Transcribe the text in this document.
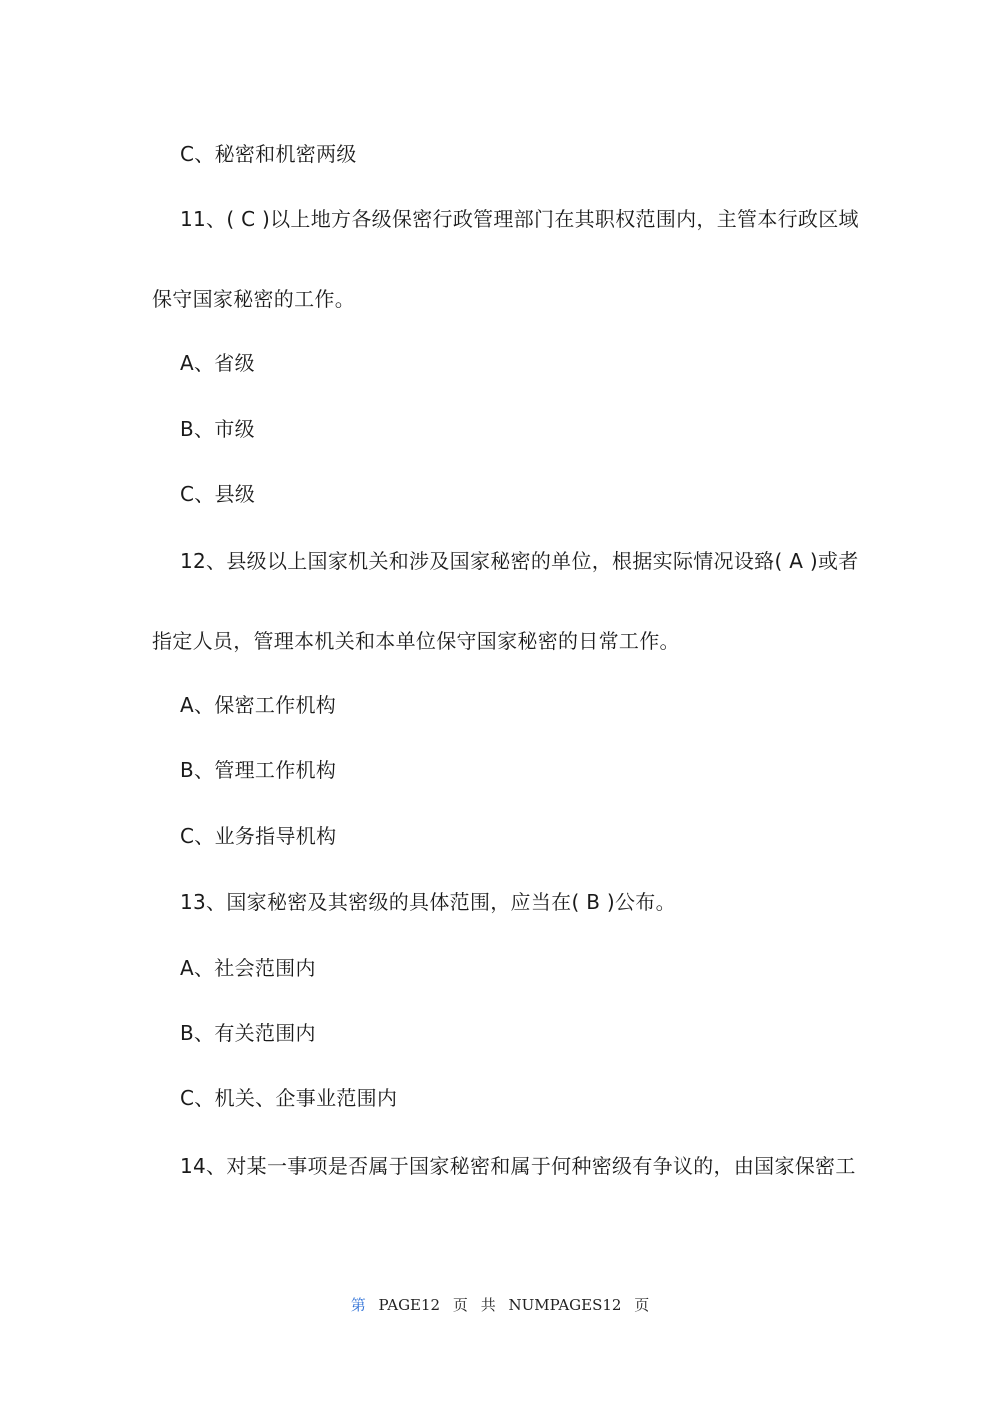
C、秘密和机密两级
11、( C )以上地方各级保密行政管理部门在其职权范围内，主管本行政区域
保守国家秘密的工作。
A、省级
B、市级
C、县级
12、县级以上国家机关和涉及国家秘密的单位，根据实际情况设臵( A )或者
指定人员，管理本机关和本单位保守国家秘密的日常工作。
A、保密工作机构
B、管理工作机构
C、业务指导机构
13、国家秘密及其密级的具体范围，应当在( B )公布。
A、社会范围内
B、有关范围内
C、机关、企事业范围内
14、对某一事项是否属于国家秘密和属于何种密级有争议的，由国家保密工
第 PAGE12 页 共 NUMPAGES12 页
